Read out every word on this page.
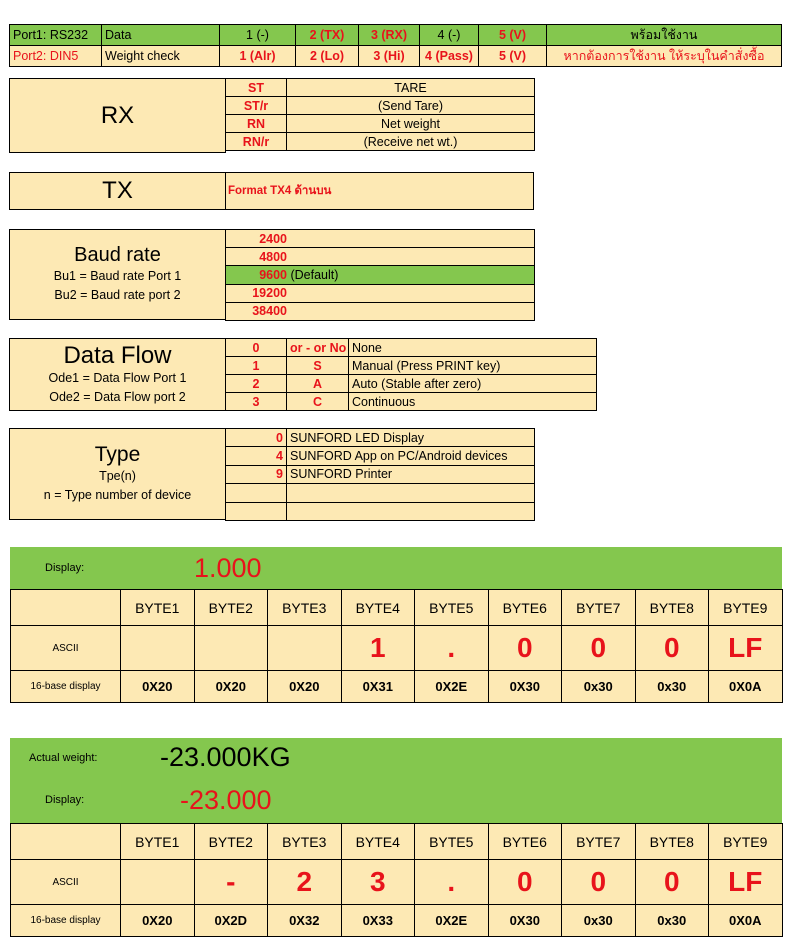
Port1: RS232	Data	1 (-)	2 (TX)	3 (RX)	4 (-)	5 (V)	พร้อมใช้งาน
Port2: DIN5	Weight check	1 (Alr)	2 (Lo)	3 (Hi)	4 (Pass)	5 (V)	หากต้องการใช้งาน ให้ระบุในคำสั่งซื้อ
RX
ST	TARE
ST/r	(Send Tare)
RN	Net weight
RN/r	(Receive net wt.)
TX	Format TX4 ด้านบน
Baud rate
Bu1 = Baud rate Port 1
Bu2 = Baud rate port 2
2400
4800
9600 (Default)
19200
38400
Data Flow
Ode1 = Data Flow Port 1
Ode2 = Data Flow port 2
0	or - or No	None
1	S	Manual (Press PRINT key)
2	A	Auto (Stable after zero)
3	C	Continuous
Type
Tpe(n)
n = Type number of device
0	SUNFORD LED Display
4	SUNFORD App on PC/Android devices
9	SUNFORD Printer

Display:	1.000
	BYTE1	BYTE2	BYTE3	BYTE4	BYTE5	BYTE6	BYTE7	BYTE8	BYTE9
ASCII				1	.	0	0	0	LF
16-base display	0X20	0X20	0X20	0X31	0X2E	0X30	0x30	0x30	0X0A
Actual weight: -23.000KG
Display:	-23.000
	BYTE1	BYTE2	BYTE3	BYTE4	BYTE5	BYTE6	BYTE7	BYTE8	BYTE9
ASCII		-	2	3	.	0	0	0	LF
16-base display	0X20	0X2D	0X32	0X33	0X2E	0X30	0x30	0x30	0X0A
